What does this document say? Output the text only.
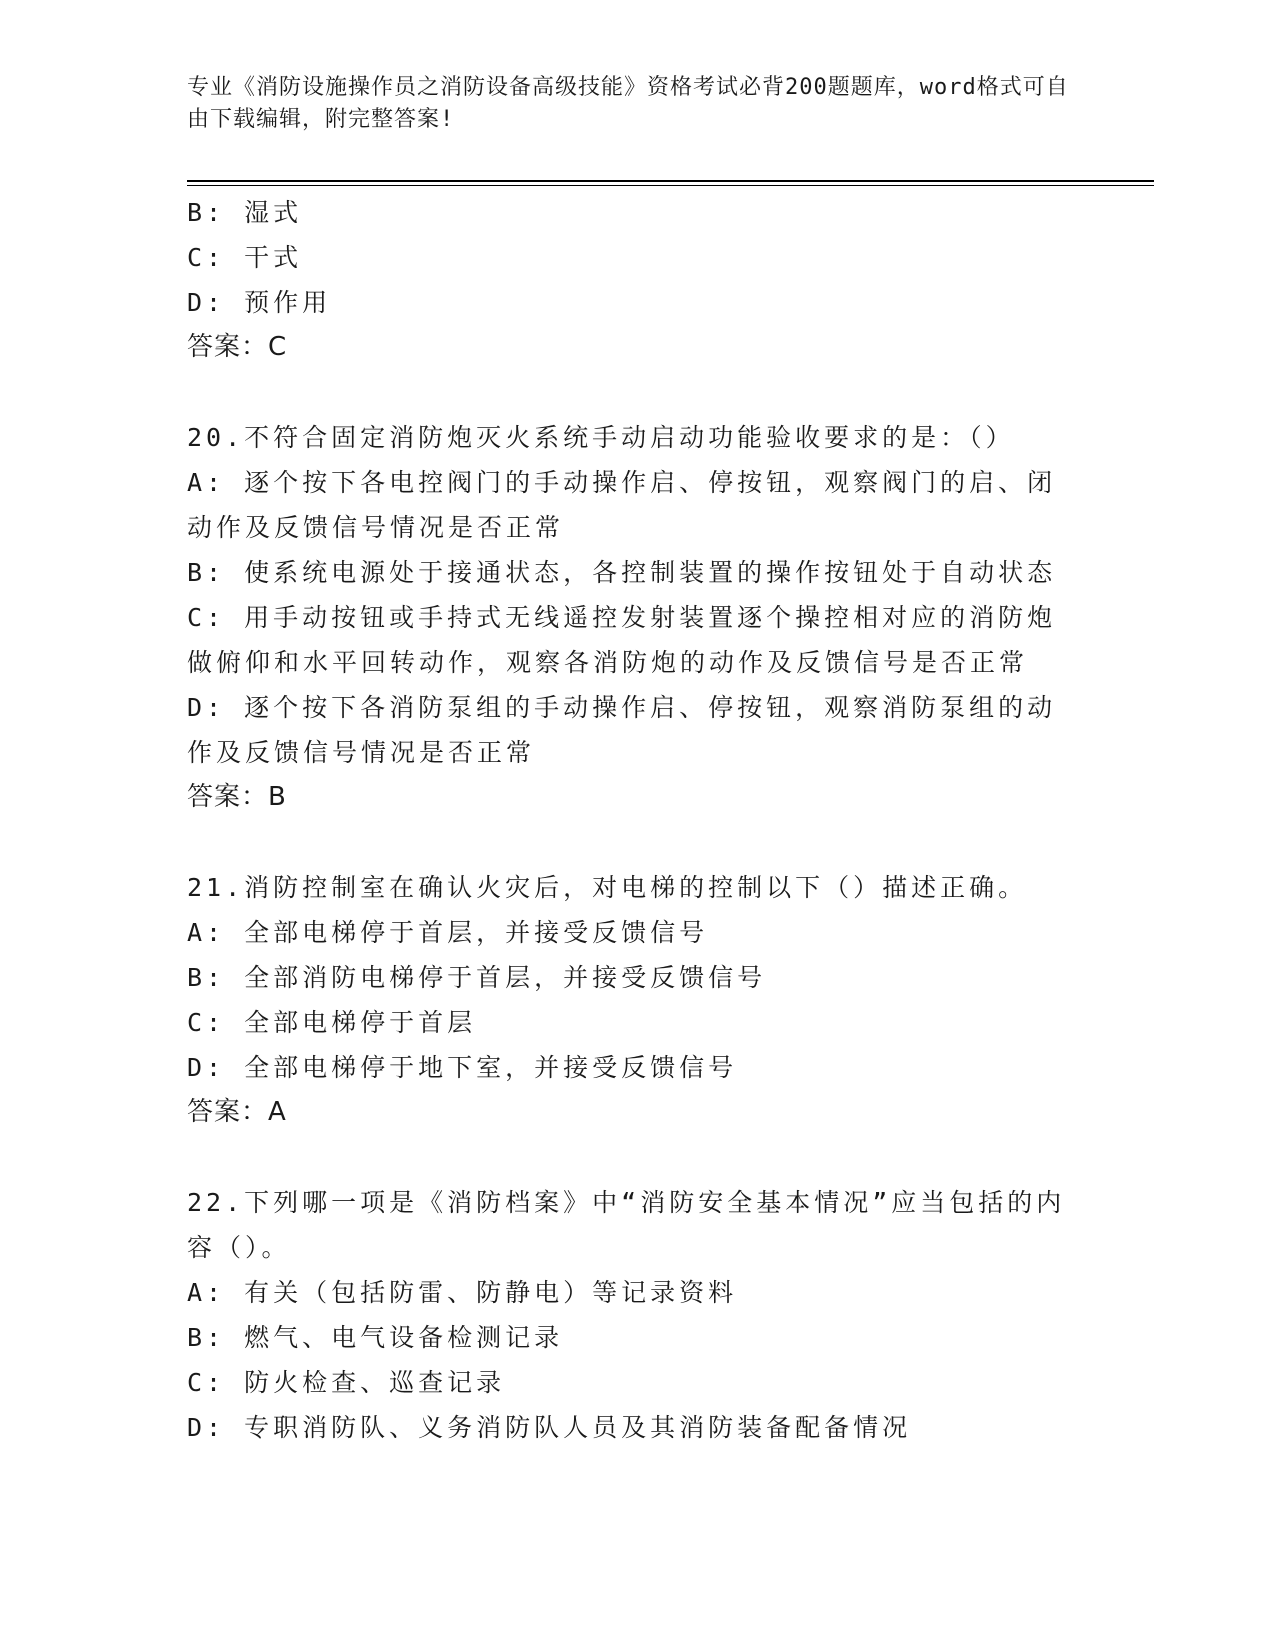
专业《消防设施操作员之消防设备高级技能》资格考试必背200题题库，word格式可自由下载编辑，附完整答案!
B: 湿式
C: 干式
D: 预作用
答案：C
20.不符合固定消防炮灭火系统手动启动功能验收要求的是：（）
A: 逐个按下各电控阀门的手动操作启、停按钮，观察阀门的启、闭动作及反馈信号情况是否正常
B: 使系统电源处于接通状态，各控制装置的操作按钮处于自动状态
C: 用手动按钮或手持式无线遥控发射装置逐个操控相对应的消防炮做俯仰和水平回转动作，观察各消防炮的动作及反馈信号是否正常
D: 逐个按下各消防泵组的手动操作启、停按钮，观察消防泵组的动作及反馈信号情况是否正常
答案：B
21.消防控制室在确认火灾后，对电梯的控制以下（）描述正确。
A: 全部电梯停于首层，并接受反馈信号
B: 全部消防电梯停于首层，并接受反馈信号
C: 全部电梯停于首层
D: 全部电梯停于地下室，并接受反馈信号
答案：A
22.下列哪一项是《消防档案》中“消防安全基本情况”应当包括的内容（）。
A: 有关（包括防雷、防静电）等记录资料
B: 燃气、电气设备检测记录
C: 防火检查、巡查记录
D: 专职消防队、义务消防队人员及其消防装备配备情况
